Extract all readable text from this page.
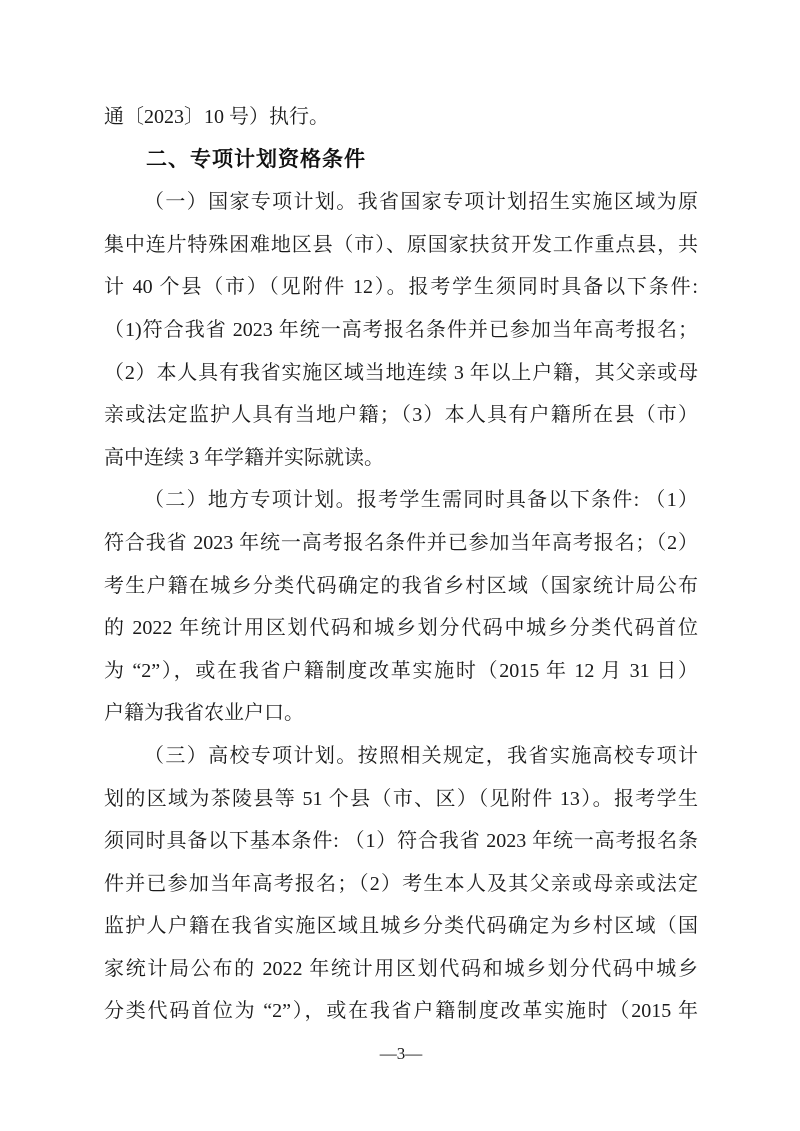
通〔2023〕10 号）执行。
二、专项计划资格条件
（一）国家专项计划。我省国家专项计划招生实施区域为原
集中连片特殊困难地区县（市）、原国家扶贫开发工作重点县，共
计 40 个县（市）（见附件 12）。报考学生须同时具备以下条件:
（1)符合我省 2023 年统一高考报名条件并已参加当年高考报名；
（2）本人具有我省实施区域当地连续 3 年以上户籍，其父亲或母
亲或法定监护人具有当地户籍；（3）本人具有户籍所在县（市）
高中连续 3 年学籍并实际就读。
（二）地方专项计划。报考学生需同时具备以下条件: （1）
符合我省 2023 年统一高考报名条件并已参加当年高考报名；（2）
考生户籍在城乡分类代码确定的我省乡村区域（国家统计局公布
的 2022 年统计用区划代码和城乡划分代码中城乡分类代码首位
为 “2”），或在我省户籍制度改革实施时（2015 年 12 月 31 日）
户籍为我省农业户口。
（三）高校专项计划。按照相关规定，我省实施高校专项计
划的区域为茶陵县等 51 个县（市、区）（见附件 13）。报考学生
须同时具备以下基本条件: （1）符合我省 2023 年统一高考报名条
件并已参加当年高考报名；（2）考生本人及其父亲或母亲或法定
监护人户籍在我省实施区域且城乡分类代码确定为乡村区域（国
家统计局公布的 2022 年统计用区划代码和城乡划分代码中城乡
分类代码首位为 “2”），或在我省户籍制度改革实施时（2015 年
—3—
